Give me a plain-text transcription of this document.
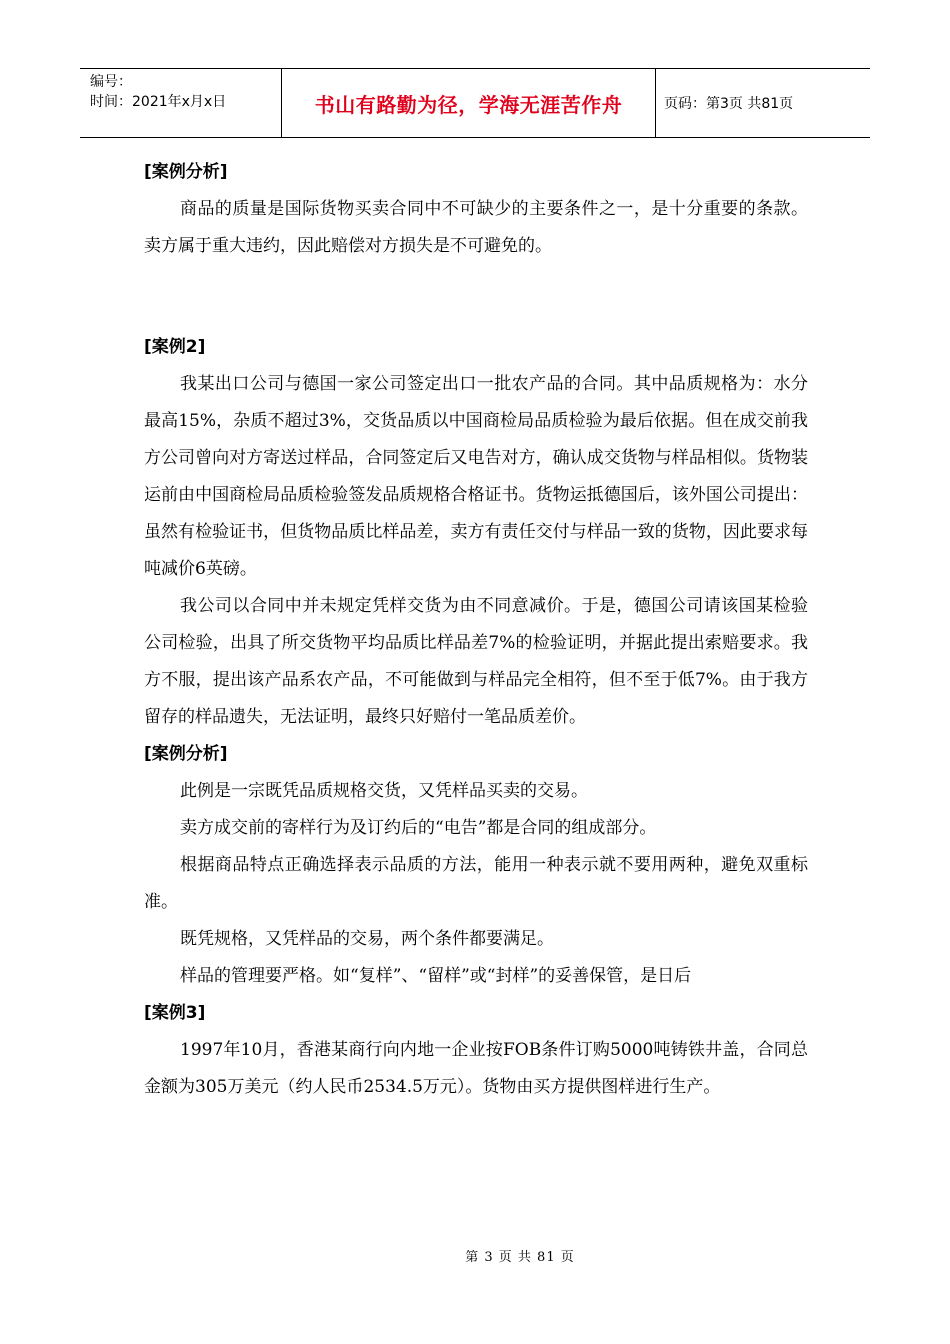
编号：
时间：2021年x月x日	书山有路勤为径，学海无涯苦作舟	页码：第3页 共81页
[案例分析]

商品的质量是国际货物买卖合同中不可缺少的主要条件之一，是十分重要的条款。卖方属于重大违约，因此赔偿对方损失是不可避免的。

[案例2]

我某出口公司与德国一家公司签定出口一批农产品的合同。其中品质规格为：水分最高15%，杂质不超过3%，交货品质以中国商检局品质检验为最后依据。但在成交前我方公司曾向对方寄送过样品，合同签定后又电告对方，确认成交货物与样品相似。货物装运前由中国商检局品质检验签发品质规格合格证书。货物运抵德国后，该外国公司提出：虽然有检验证书，但货物品质比样品差，卖方有责任交付与样品一致的货物，因此要求每吨减价6英磅。

我公司以合同中并未规定凭样交货为由不同意减价。于是，德国公司请该国某检验公司检验，出具了所交货物平均品质比样品差7%的检验证明，并据此提出索赔要求。我方不服，提出该产品系农产品，不可能做到与样品完全相符，但不至于低7%。由于我方留存的样品遗失，无法证明，最终只好赔付一笔品质差价。

[案例分析]

此例是一宗既凭品质规格交货，又凭样品买卖的交易。

卖方成交前的寄样行为及订约后的“电告”都是合同的组成部分。

根据商品特点正确选择表示品质的方法，能用一种表示就不要用两种，避免双重标准。

既凭规格，又凭样品的交易，两个条件都要满足。

样品的管理要严格。如“复样”、“留样”或“封样”的妥善保管，是日后

[案例3]

1997年10月，香港某商行向内地一企业按FOB条件订购5000吨铸铁井盖，合同总金额为305万美元（约人民币2534.5万元）。货物由买方提供图样进行生产。

第 3 页 共 81 页
